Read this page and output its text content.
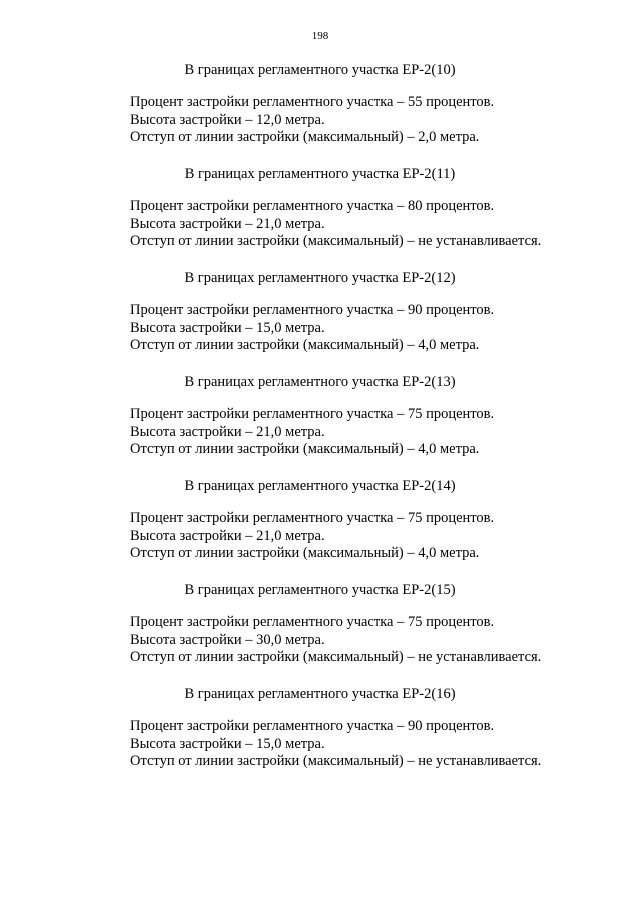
198
В границах регламентного участка ЕР-2(10)
Процент застройки регламентного участка – 55 процентов.
Высота застройки – 12,0 метра.
Отступ от линии застройки (максимальный) – 2,0 метра.
В границах регламентного участка ЕР-2(11)
Процент застройки регламентного участка – 80 процентов.
Высота застройки – 21,0 метра.
Отступ от линии застройки (максимальный) – не устанавливается.
В границах регламентного участка ЕР-2(12)
Процент застройки регламентного участка – 90 процентов.
Высота застройки – 15,0 метра.
Отступ от линии застройки (максимальный) – 4,0 метра.
В границах регламентного участка ЕР-2(13)
Процент застройки регламентного участка – 75 процентов.
Высота застройки – 21,0 метра.
Отступ от линии застройки (максимальный) – 4,0 метра.
В границах регламентного участка ЕР-2(14)
Процент застройки регламентного участка – 75 процентов.
Высота застройки – 21,0 метра.
Отступ от линии застройки (максимальный) – 4,0 метра.
В границах регламентного участка ЕР-2(15)
Процент застройки регламентного участка – 75 процентов.
Высота застройки – 30,0 метра.
Отступ от линии застройки (максимальный) – не устанавливается.
В границах регламентного участка ЕР-2(16)
Процент застройки регламентного участка – 90 процентов.
Высота застройки – 15,0 метра.
Отступ от линии застройки (максимальный) – не устанавливается.
